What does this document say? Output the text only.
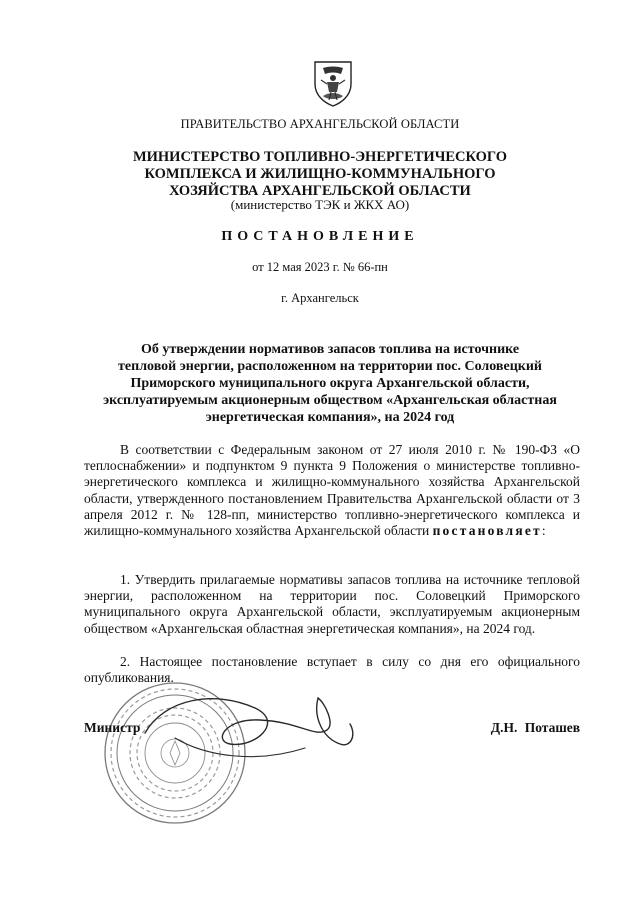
ПРАВИТЕЛЬСТВО АРХАНГЕЛЬСКОЙ ОБЛАСТИ
МИНИСТЕРСТВО ТОПЛИВНО-ЭНЕРГЕТИЧЕСКОГО
КОМПЛЕКСА И ЖИЛИЩНО-КОММУНАЛЬНОГО
ХОЗЯЙСТВА АРХАНГЕЛЬСКОЙ ОБЛАСТИ
(министерство ТЭК и ЖКХ АО)
ПОСТАНОВЛЕНИЕ
от 12 мая 2023 г. № 66-пн
г. Архангельск
Об утверждении нормативов запасов топлива на источнике
тепловой энергии, расположенном на территории пос. Соловецкий
Приморского муниципального округа Архангельской области,
эксплуатируемым акционерным обществом «Архангельская областная
энергетическая компания», на 2024 год
В соответствии с Федеральным законом от 27 июля 2010 г. № 190-ФЗ «О теплоснабжении» и подпунктом 9 пункта 9 Положения о министерстве топливно-энергетического комплекса и жилищно-коммунального хозяйства Архангельской области, утвержденного постановлением Правительства Архангельской области от 3 апреля 2012 г. № 128-пп, министерство топливно-энергетического комплекса и жилищно-коммунального хозяйства Архангельской области постановляет:
1. Утвердить прилагаемые нормативы запасов топлива на источнике тепловой энергии, расположенном на территории пос. Соловецкий Приморского муниципального округа Архангельской области, эксплуатируемым акционерным обществом «Архангельская областная энергетическая компания», на 2024 год.
2. Настоящее постановление вступает в силу со дня его официального опубликования.
Министр	Д.Н. Поташев
